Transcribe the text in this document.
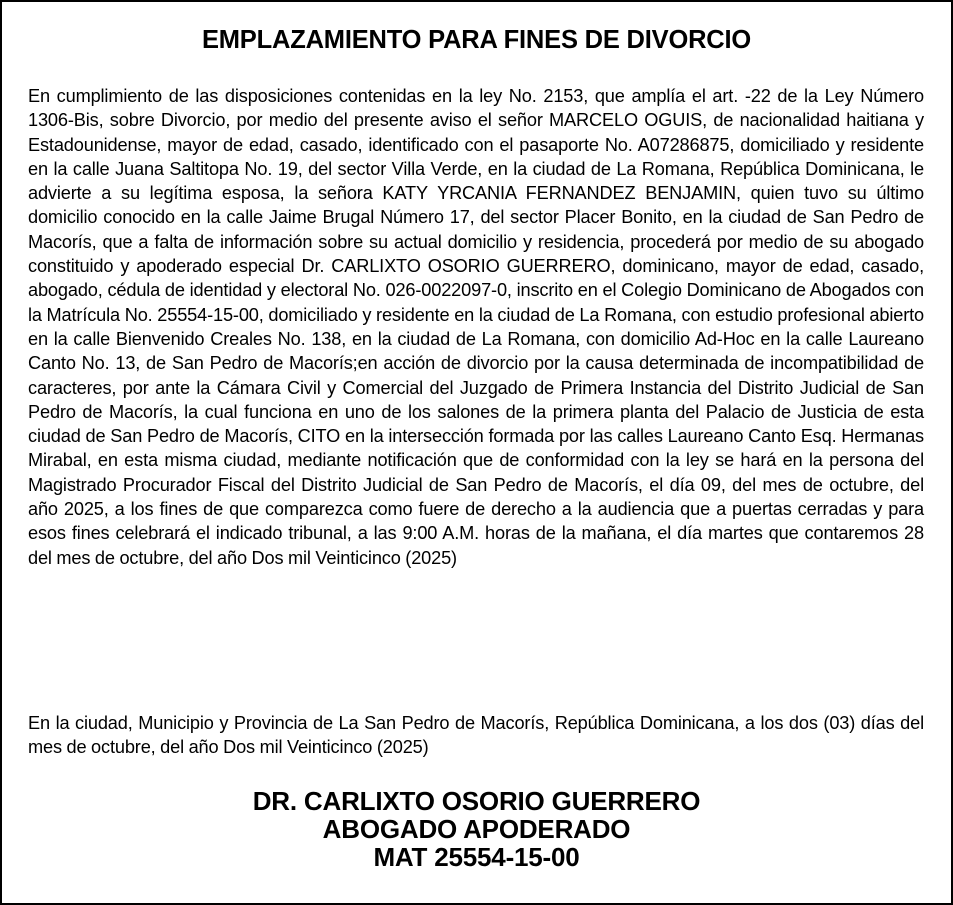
EMPLAZAMIENTO PARA FINES DE DIVORCIO

En cumplimiento de las disposiciones contenidas en la ley No. 2153, que amplía el art. -22 de la Ley Número 1306-Bis, sobre Divorcio, por medio del presente aviso el señor MARCELO OGUIS, de nacionalidad haitiana y Estadounidense, mayor de edad, casado, identificado con el pasaporte No. A07286875, domiciliado y residente en la calle Juana Saltitopa No. 19, del sector Villa Verde, en la ciudad de La Romana, República Dominicana, le advierte a su legítima esposa, la señora KATY YRCANIA FERNANDEZ BENJAMIN, quien tuvo su último domicilio conocido en la calle Jaime Brugal Número 17, del sector Placer Bonito, en la ciudad de San Pedro de Macorís, que a falta de información sobre su actual domicilio y residencia, procederá por medio de su abogado constituido y apoderado especial Dr. CARLIXTO OSORIO GUERRERO, dominicano, mayor de edad, casado, abogado, cédula de identidad y electoral No. 026-0022097-0, inscrito en el Colegio Dominicano de Abogados con la Matrícula No. 25554-15-00, domiciliado y residente en la ciudad de La Romana, con estudio profesional abierto en la calle Bienvenido Creales No. 138, en la ciudad de La Romana, con domicilio Ad-Hoc en la calle Laureano Canto No. 13, de San Pedro de Macorís;en acción de divorcio por la causa determinada de incompatibilidad de caracteres, por ante la Cámara Civil y Comercial del Juzgado de Primera Instancia del Distrito Judicial de San Pedro de Macorís, la cual funciona en uno de los salones de la primera planta del Palacio de Justicia de esta ciudad de San Pedro de Macorís, CITO en la intersección formada por las calles Laureano Canto Esq. Hermanas Mirabal, en esta misma ciudad, mediante notificación que de conformidad con la ley se hará en la persona del Magistrado Procurador Fiscal del Distrito Judicial de San Pedro de Macorís, el día 09, del mes de octubre, del año 2025, a los fines de que comparezca como fuere de derecho a la audiencia que a puertas cerradas y para esos fines celebrará el indicado tribunal, a las 9:00 A.M. horas de la mañana, el día martes que contaremos 28 del mes de octubre, del año Dos mil Veinticinco (2025)

En la ciudad, Municipio y Provincia de La San Pedro de Macorís, República Dominicana, a los dos (03) días del mes de octubre, del año Dos mil Veinticinco (2025)

DR. CARLIXTO OSORIO GUERRERO
ABOGADO APODERADO
MAT 25554-15-00
